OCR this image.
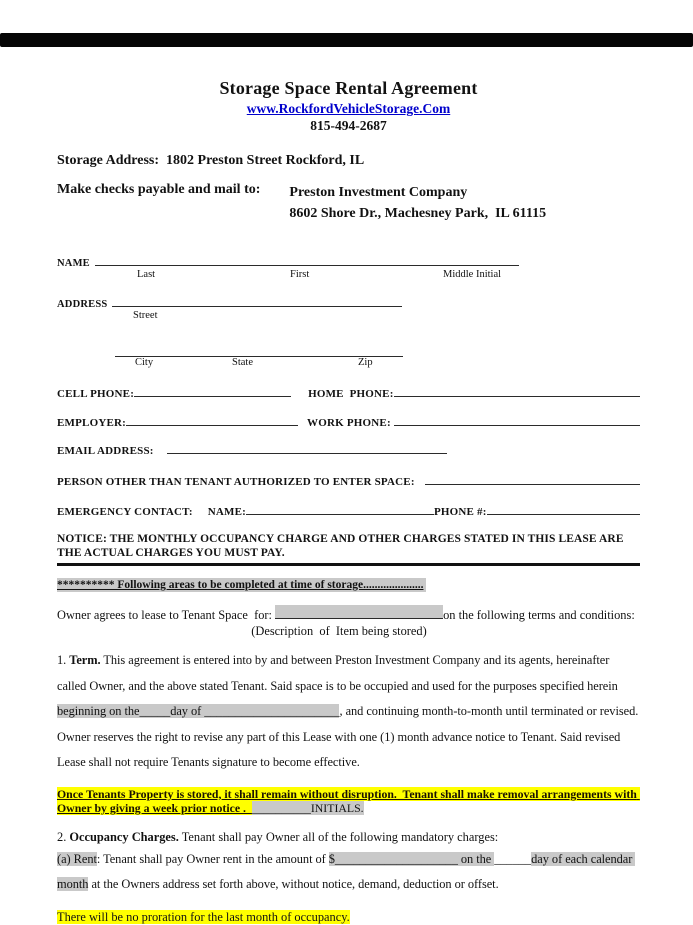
Storage Space Rental Agreement
www.RockfordVehicleStorage.Com
815-494-2687
Storage Address:  1802 Preston Street Rockford, IL
Make checks payable and mail to: Preston Investment Company
8602 Shore Dr., Machesney Park,  IL 61115
NAME
Last	First	Middle Initial
ADDRESS
Street
City	State	Zip
CELL PHONE:	HOME  PHONE:
EMPLOYER:	WORK PHONE:
EMAIL ADDRESS:
PERSON OTHER THAN TENANT AUTHORIZED TO ENTER SPACE:
EMERGENCY CONTACT: NAME:	PHONE #:
NOTICE: THE MONTHLY OCCUPANCY CHARGE AND OTHER CHARGES STATED IN THIS LEASE ARE THE ACTUAL CHARGES YOU MUST PAY.
********** Following areas to be completed at time of storage.....................
Owner agrees to lease to Tenant Space  for:	on the following terms and conditions:
(Description  of  Item being stored)

1. Term. This agreement is entered into by and between Preston Investment Company and its agents, hereinafter called Owner, and the above stated Tenant. Said space is to be occupied and used for the purposes specified herein beginning on the_____day of ______________________, and continuing month-to-month until terminated or revised. Owner reserves the right to revise any part of this Lease with one (1) month advance notice to Tenant. Said revised Lease shall not require Tenants signature to become effective.

Once Tenants Property is stored, it shall remain without disruption.  Tenant shall make removal arrangements with Owner by giving a week prior notice .  __________INITIALS.
2. Occupancy Charges. Tenant shall pay Owner all of the following mandatory charges:

(a) Rent: Tenant shall pay Owner rent in the amount of $____________________ on the ______day of each calendar month at the Owners address set forth above, without notice, demand, deduction or offset.

There will be no proration for the last month of occupancy.
